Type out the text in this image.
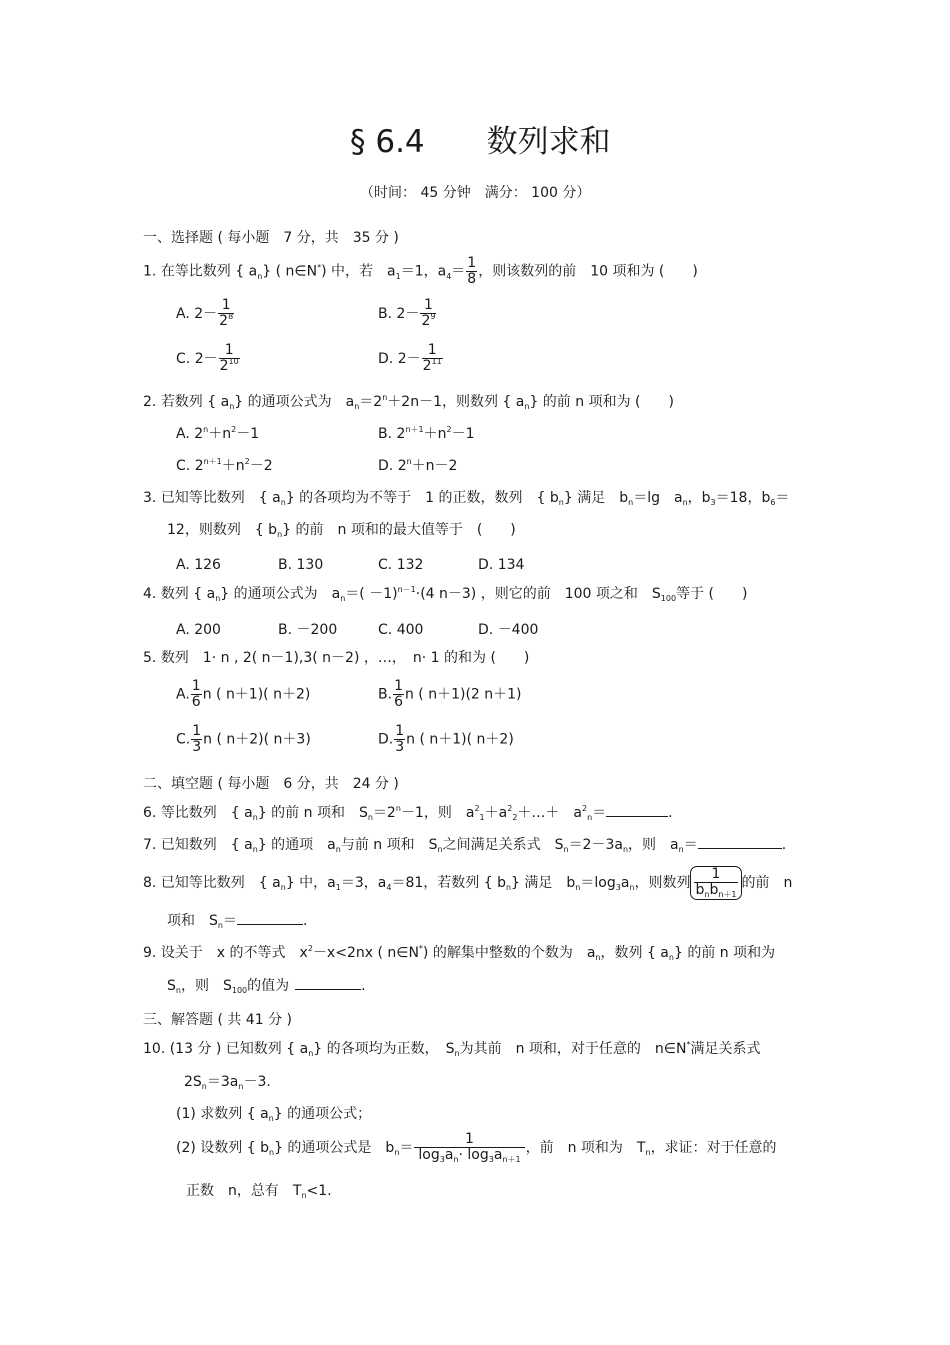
§ 6.4　　数列求和
（时间： 45 分钟　满分： 100 分）
一、选择题 ( 每小题　7 分，共　35 分 )
1. 在等比数列 { $a_n$} ( n∈N*) 中，若　$a_1=1$，$a_4= \frac{1}{8}$ ，则该数列的前　10 项和为 (　　)
A. $2- \frac{1}{2^8}$	B. $2- \frac{1}{2^9}$
C. $2- \frac{1}{2^{10}}$	D. $2- \frac{1}{2^{11}}$
2. 若数列 { $a_n$} 的通项公式为　$a_n=2^n+2n-1$，则数列 { $a_n$} 的前 n 项和为 (　　)
A. $2^n+n^2-1$	B. $2^{n+1}+n^2-1$
C. $2^{n+1}+n^2-2$	D. $2^n+n-2$
3. 已知等比数列　{ $a_n$} 的各项均为不等于　1 的正数，数列　{ $b_n$} 满足　$b_n=\lg$　$a_n$，$b_3=18$，$b_6=$
12，则数列　{ $b_n$} 的前　n 项和的最大值等于　(　　)
A. 126	B. 130	C. 132	D. 134
4. 数列 { $a_n$} 的通项公式为　$a_n=( -1)^{n-1}\cdot(4$ n－3) ，则它的前　100 项之和　$S_{100}$等于 (　　)
A. 200	B. －200	C. 400	D. －400
5. 数列　1· n , 2( n－1),3( n－2) ，…，　n· 1 的和为 (　　)
A. $\frac{1}{6}$ n ( n＋1)( n＋2)	B. $\frac{1}{6}$ n ( n＋1)(2 n＋1)
C. $\frac{1}{3}$ n ( n＋2)( n＋3)	D. $\frac{1}{3}$ n ( n＋1)( n＋2)
二、填空题 ( 每小题　6 分，共　24 分 )
6. 等比数列　{ $a_n$} 的前 n 项和　$S_n=2^n-1$，则　$a^2_1+a^2_2+\dots+$　$a^2_n=$	.
7. 已知数列　{ $a_n$} 的通项　$a_n$与前 n 项和　$S_n$之间满足关系式　$S_n=2-3a_n$，则　$a_n=$	.
8. 已知等比数列　{ $a_n$} 中，$a_1=3$，$a_4=81$，若数列 { $b_n$} 满足　$b_n=\log_3a_n$，则数列 $\frac{1}{b_nb_{n+1}}$ 的前　n
项和　$S_n=$	.
9. 设关于　x 的不等式　$x^2-x<2nx$ ( n∈N*) 的解集中整数的个数为　$a_n$，数列 { $a_n$} 的前 n 项和为
$S_n$，则　$S_{100}$的值为	.
三、解答题 ( 共 41 分 )
10. (13 分 ) 已知数列 { $a_n$} 的各项均为正数，　$S_n$为其前　n 项和，对于任意的　n∈N*满足关系式
$2S_n=3a_n-3$.
(1) 求数列 { $a_n$} 的通项公式；
(2) 设数列 { $b_n$} 的通项公式是　$b_n= \frac{1}{\log_3a_n\cdot \log_3a_{n+1}}$ ，前　n 项和为　$T_n$，求证：对于任意的
正数　n，总有　$T_n<1$.
